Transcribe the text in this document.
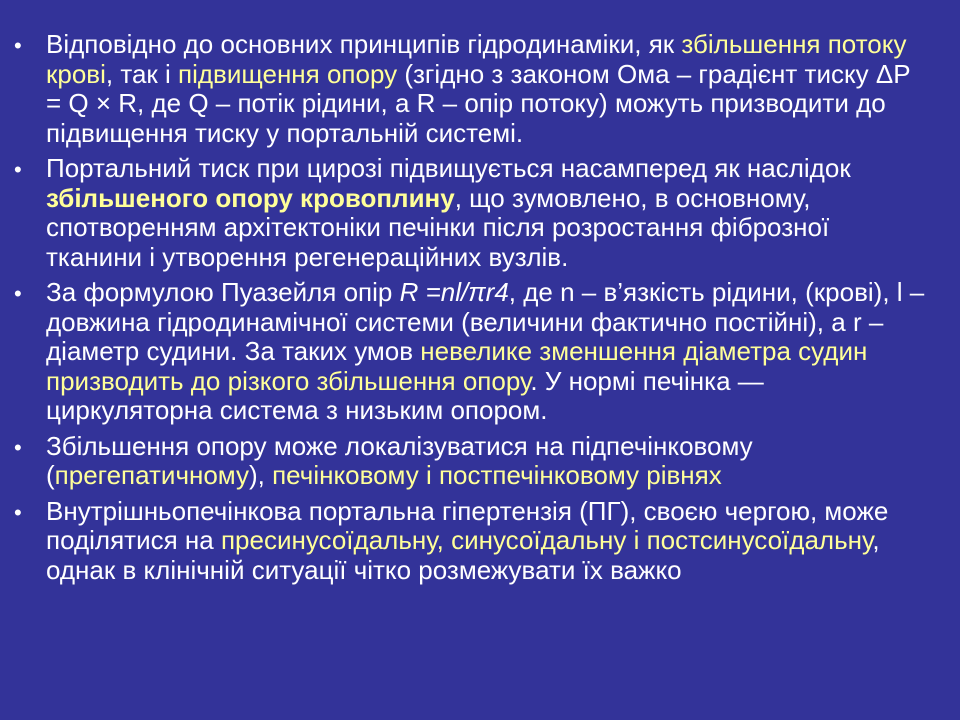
• Відповідно до основних принципів гідродинаміки, як збільшення потоку крові, так і підвищення опору (згідно з законом Ома – градієнт тиску ΔP = Q × R, де Q – потік рідини, а R – опір потоку) можуть призводити до підвищення тиску у портальній системі.
• Портальний тиск при цирозі підвищується насамперед як наслідок збільшеного опору кровоплину, що зумовлено, в основному, спотворенням архітектоніки печінки після розростання фіброзної тканини і утворення регенераційних вузлів.
• За формулою Пуазейля опір R =nl/πr4, де n – в’язкість рідини, (крові), l – довжина гідродинамічної системи (величини фактично постійні), а r – діаметр судини. За таких умов невелике зменшення діаметра судин призводить до різкого збільшення опору. У нормі печінка — циркуляторна система з низьким опором.
• Збільшення опору може локалізуватися на підпечінковому (прегепатичному), печінковому і постпечінковому рівнях
• Внутрішньопечінкова портальна гіпертензія (ПГ), своєю чергою, може поділятися на пресинусоїдальну, синусоїдальну і постсинусоїдальну, однак в клінічній ситуації чітко розмежувати їх важко
